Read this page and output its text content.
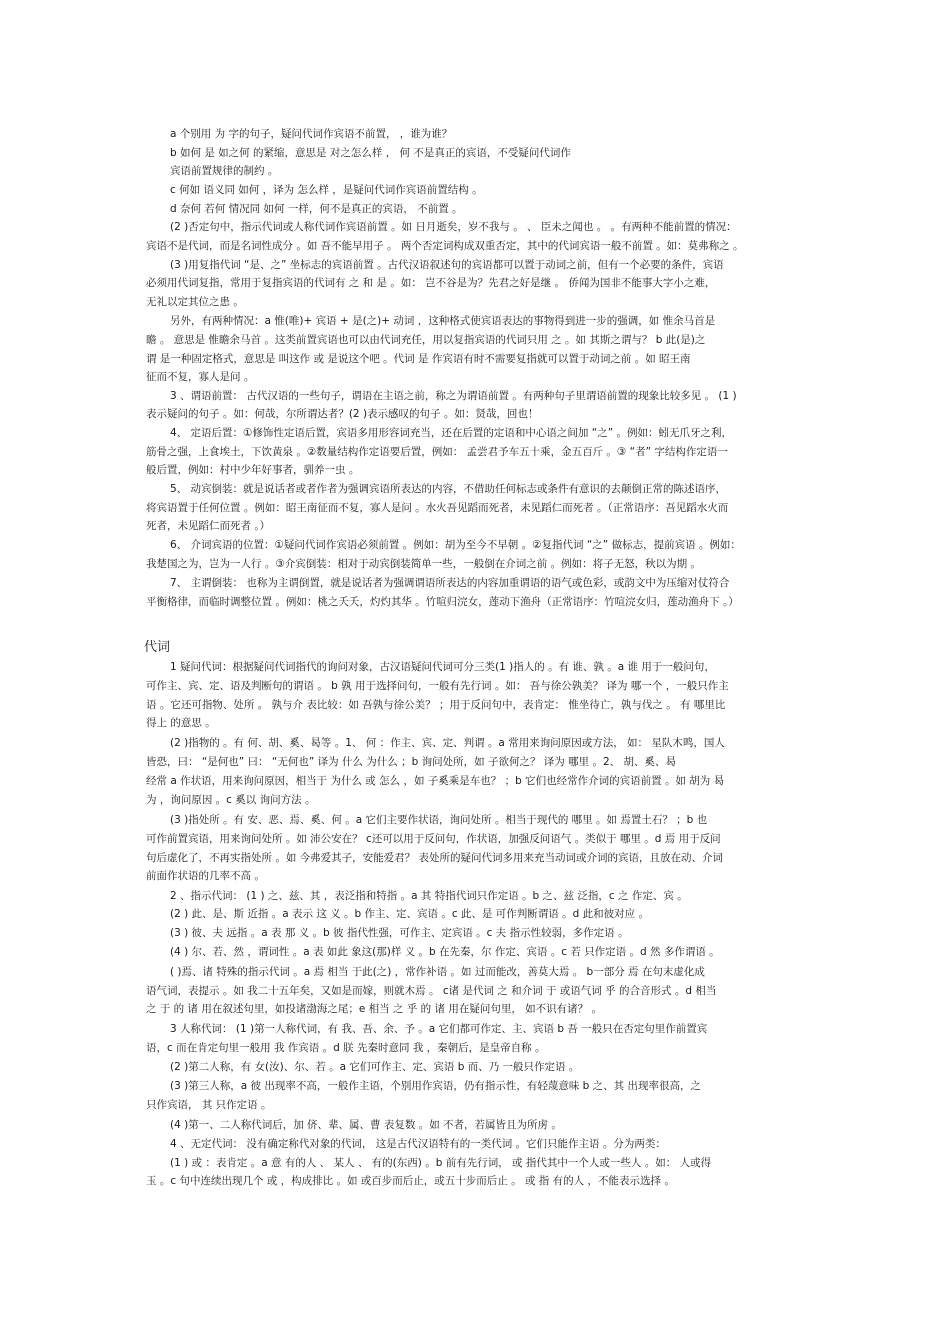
a 个别用 为 字的句子，疑问代词作宾语不前置， ，谁为谁？
b 如何 是 如之何 的紧缩，意思是 对之怎么样 ， 何 不是真正的宾语，不受疑问代词作
宾语前置规律的制约 。
c 何如 语义同 如何 ，译为 怎么样 ，是疑问代词作宾语前置结构 。
d 奈何 若何 情况同 如何 一样，何不是真正的宾语， 不前置 。
(2 )否定句中，指示代词或人称代词作宾语前置 。如 日月逝矣，岁不我与 。 、 臣未之闻也 。 。有两种不能前置的情况：
宾语不是代词，而是名词性成分 。如 吾不能早用子 。 两个否定词构成双重否定，其中的代词宾语一般不前置 。如：莫弗称之 。
(3 )用复指代词 “是、之” 坐标志的宾语前置 。古代汉语叙述句的宾语都可以置于动词之前，但有一个必要的条件，宾语
必须用代词复指，常用于复指宾语的代词有 之 和 是 。如： 岂不谷是为？先君之好是继 。 侨闻为国非不能事大字小之难，
无礼以定其位之患 。
另外，有两种情况：a 惟(唯)+ 宾语 + 是(之)+ 动词 ，这种格式使宾语表达的事物得到进一步的强调，如 惟余马首是
瞻 。 意思是 惟瞻余马首 。这类前置宾语也可以由代词充任，用以复指宾语的代词只用 之 。如 其斯之谓与？ b 此(是)之
谓 是一种固定格式，意思是 叫这作 或 是说这个吧 。代词 是 作宾语有时不需要复指就可以置于动词之前 。如 昭王南
征而不复，寡人是问 。
3 、谓语前置： 古代汉语的一些句子，谓语在主语之前，称之为谓语前置 。有两种句子里谓语前置的现象比较多见 。 (1 )
表示疑问的句子 。如：何哉，尔所谓达者？(2 )表示感叹的句子 。如：贤哉，回也！
4、 定语后置：①修饰性定语后置，宾语多用形容词充当，还在后置的定语和中心语之间加 “之” 。例如：蚓无爪牙之利，
筋骨之强，上食埃土，下饮黄泉 。②数量结构作定语要后置，例如： 孟尝君予车五十乘，金五百斤 。③ “者” 字结构作定语一
般后置，例如：村中少年好事者，驯养一虫 。
5、 动宾倒装：就是说话者或者作者为强调宾语所表达的内容，不借助任何标志或条件有意识的去颠倒正常的陈述语序，
将宾语置于任何位置 。例如：昭王南征而不复，寡人是问 。水火吾见蹈而死者，未见蹈仁而死者 。（正常语序：吾见蹈水火而
死者，未见蹈仁而死者 。）
6、 介词宾语的位置：①疑问代词作宾语必须前置 。例如：胡为至今不早朝 。②复指代词 “之” 做标志，提前宾语 。例如：
我楚国之为，岂为一人行 。③介宾倒装：相对于动宾倒装简单一些，一般倒在介词之前 。例如：将子无怒，秋以为期 。
7、 主谓倒装： 也称为主谓倒置，就是说话者为强调谓语所表达的内容加重谓语的语气或色彩，或韵文中为压缩对仗符合
平衡格律，而临时调整位置 。例如：桃之夭夭，灼灼其华 。竹喧归浣女，莲动下渔舟（正常语序：竹喧浣女归，莲动渔舟下 。）
代词
1 疑问代词：根据疑问代词指代的询问对象，古汉语疑问代词可分三类(1 )指人的 。有 谁、孰 。a 谁 用于一般问句，
可作主、宾、定、语及判断句的谓语 。 b 孰 用于选择问句，一般有先行词 。如： 吾与徐公孰美？ 译为 哪一个 ，一般只作主
语 。它还可指物、处所 。 孰与介 表比较：如 吾孰与徐公美？ ；用于反问句中，表肯定： 惟坐待亡，孰与伐之 。 有 哪里比
得上 的意思 。
(2 )指物的 。有 何、胡、奚、曷等 。1、 何 ：作主、宾、定、判谓 。a 常用来询问原因或方法， 如： 星队木鸣，国人
皆恐，曰： “是何也” 曰： “无何也” 译为 什么 为什么 ；b 询问处所，如 子欲何之？ 译为 哪里 。2、 胡、奚、曷
经常 a 作状语，用来询问原因，相当于 为什么 或 怎么 ，如 子奚乘是车也？ ；b 它们也经常作介词的宾语前置 。如 胡为 曷
为 ，询问原因 。c 奚以 询问方法 。
(3 )指处所 。有 安、恶、焉、奚、何 。a 它们主要作状语，询问处所 。相当于现代的 哪里 。如 焉置土石？ ；b 也
可作前置宾语，用来询问处所 。如 沛公安在？ c还可以用于反问句，作状语，加强反问语气 。类似于 哪里 。d 焉 用于反问
句后虚化了，不再实指处所 。如 今弗爱其子，安能爱君？ 表处所的疑问代词多用来充当动词或介词的宾语，且放在动、介词
前面作状语的几率不高 。
2 、指示代词： (1 ) 之、兹、其 ，表泛指和特指 。a 其 特指代词只作定语 。b 之、兹 泛指，c 之 作定、宾 。
(2 ) 此、是、斯 近指 。a 表示 这 义 。b 作主、定、宾语 。c 此、是 可作判断谓语 。d 此和彼对应 。
(3 ) 彼、夫 远指 。a 表 那 义 。b 彼 指代性强，可作主、定宾语 。c 夫 指示性较弱，多作定语 。
(4 ) 尔、若、然 ，谓词性 。a 表 如此 象这(那)样 义 。b 在先秦，尔 作定、宾语 。c 若 只作定语 。d 然 多作谓语 。
( )焉、诸 特殊的指示代词 。a 焉 相当 于此(之) ，常作补语 。如 过而能改，善莫大焉 。 b一部分 焉 在句末虚化成
语气词，表提示 。如 我二十五年矣，又如是而嫁，则就木焉 。 c诸 是代词 之 和介词 于 或语气词 乎 的合音形式 。d 相当
之 于 的 诸 用在叙述句里，如投诸渤海之尾；e 相当 之 乎 的 诸 用在疑问句里， 如不识有诸？ 。
3 人称代词： (1 )第一人称代词，有 我、吾、余、予 。a 它们都可作定、主、宾语 b 吾 一般只在否定句里作前置宾
语，c 而在肯定句里一般用 我 作宾语 。d 朕 先秦时意同 我 ，秦朝后，是皇帝自称 。
(2 )第二人称，有 女(汝)、尔、若 。a 它们可作主、定、宾语 b 而、乃 一般只作定语 。
(3 )第三人称，a 彼 出现率不高，一般作主语，个别用作宾语，仍有指示性，有轻蔑意味 b 之、其 出现率很高，之
只作宾语， 其 只作定语 。
(4 )第一、二人称代词后，加 侪、辈、属、曹 表复数 。如 不者，若属皆且为所虏 。
4 、无定代词： 没有确定称代对象的代词， 这是古代汉语特有的一类代词 。它们只能作主语 。分为两类：
(1 ) 或 ：表肯定 。a 意 有的人 、 某人 、 有的(东西) 。b 前有先行词， 或 指代其中一个人或一些人 。如： 人或得
玉 。c 句中连续出现几个 或 ，构成排比 。如 或百步而后止，或五十步而后止 。 或 指 有的人 ，不能表示选择 。
